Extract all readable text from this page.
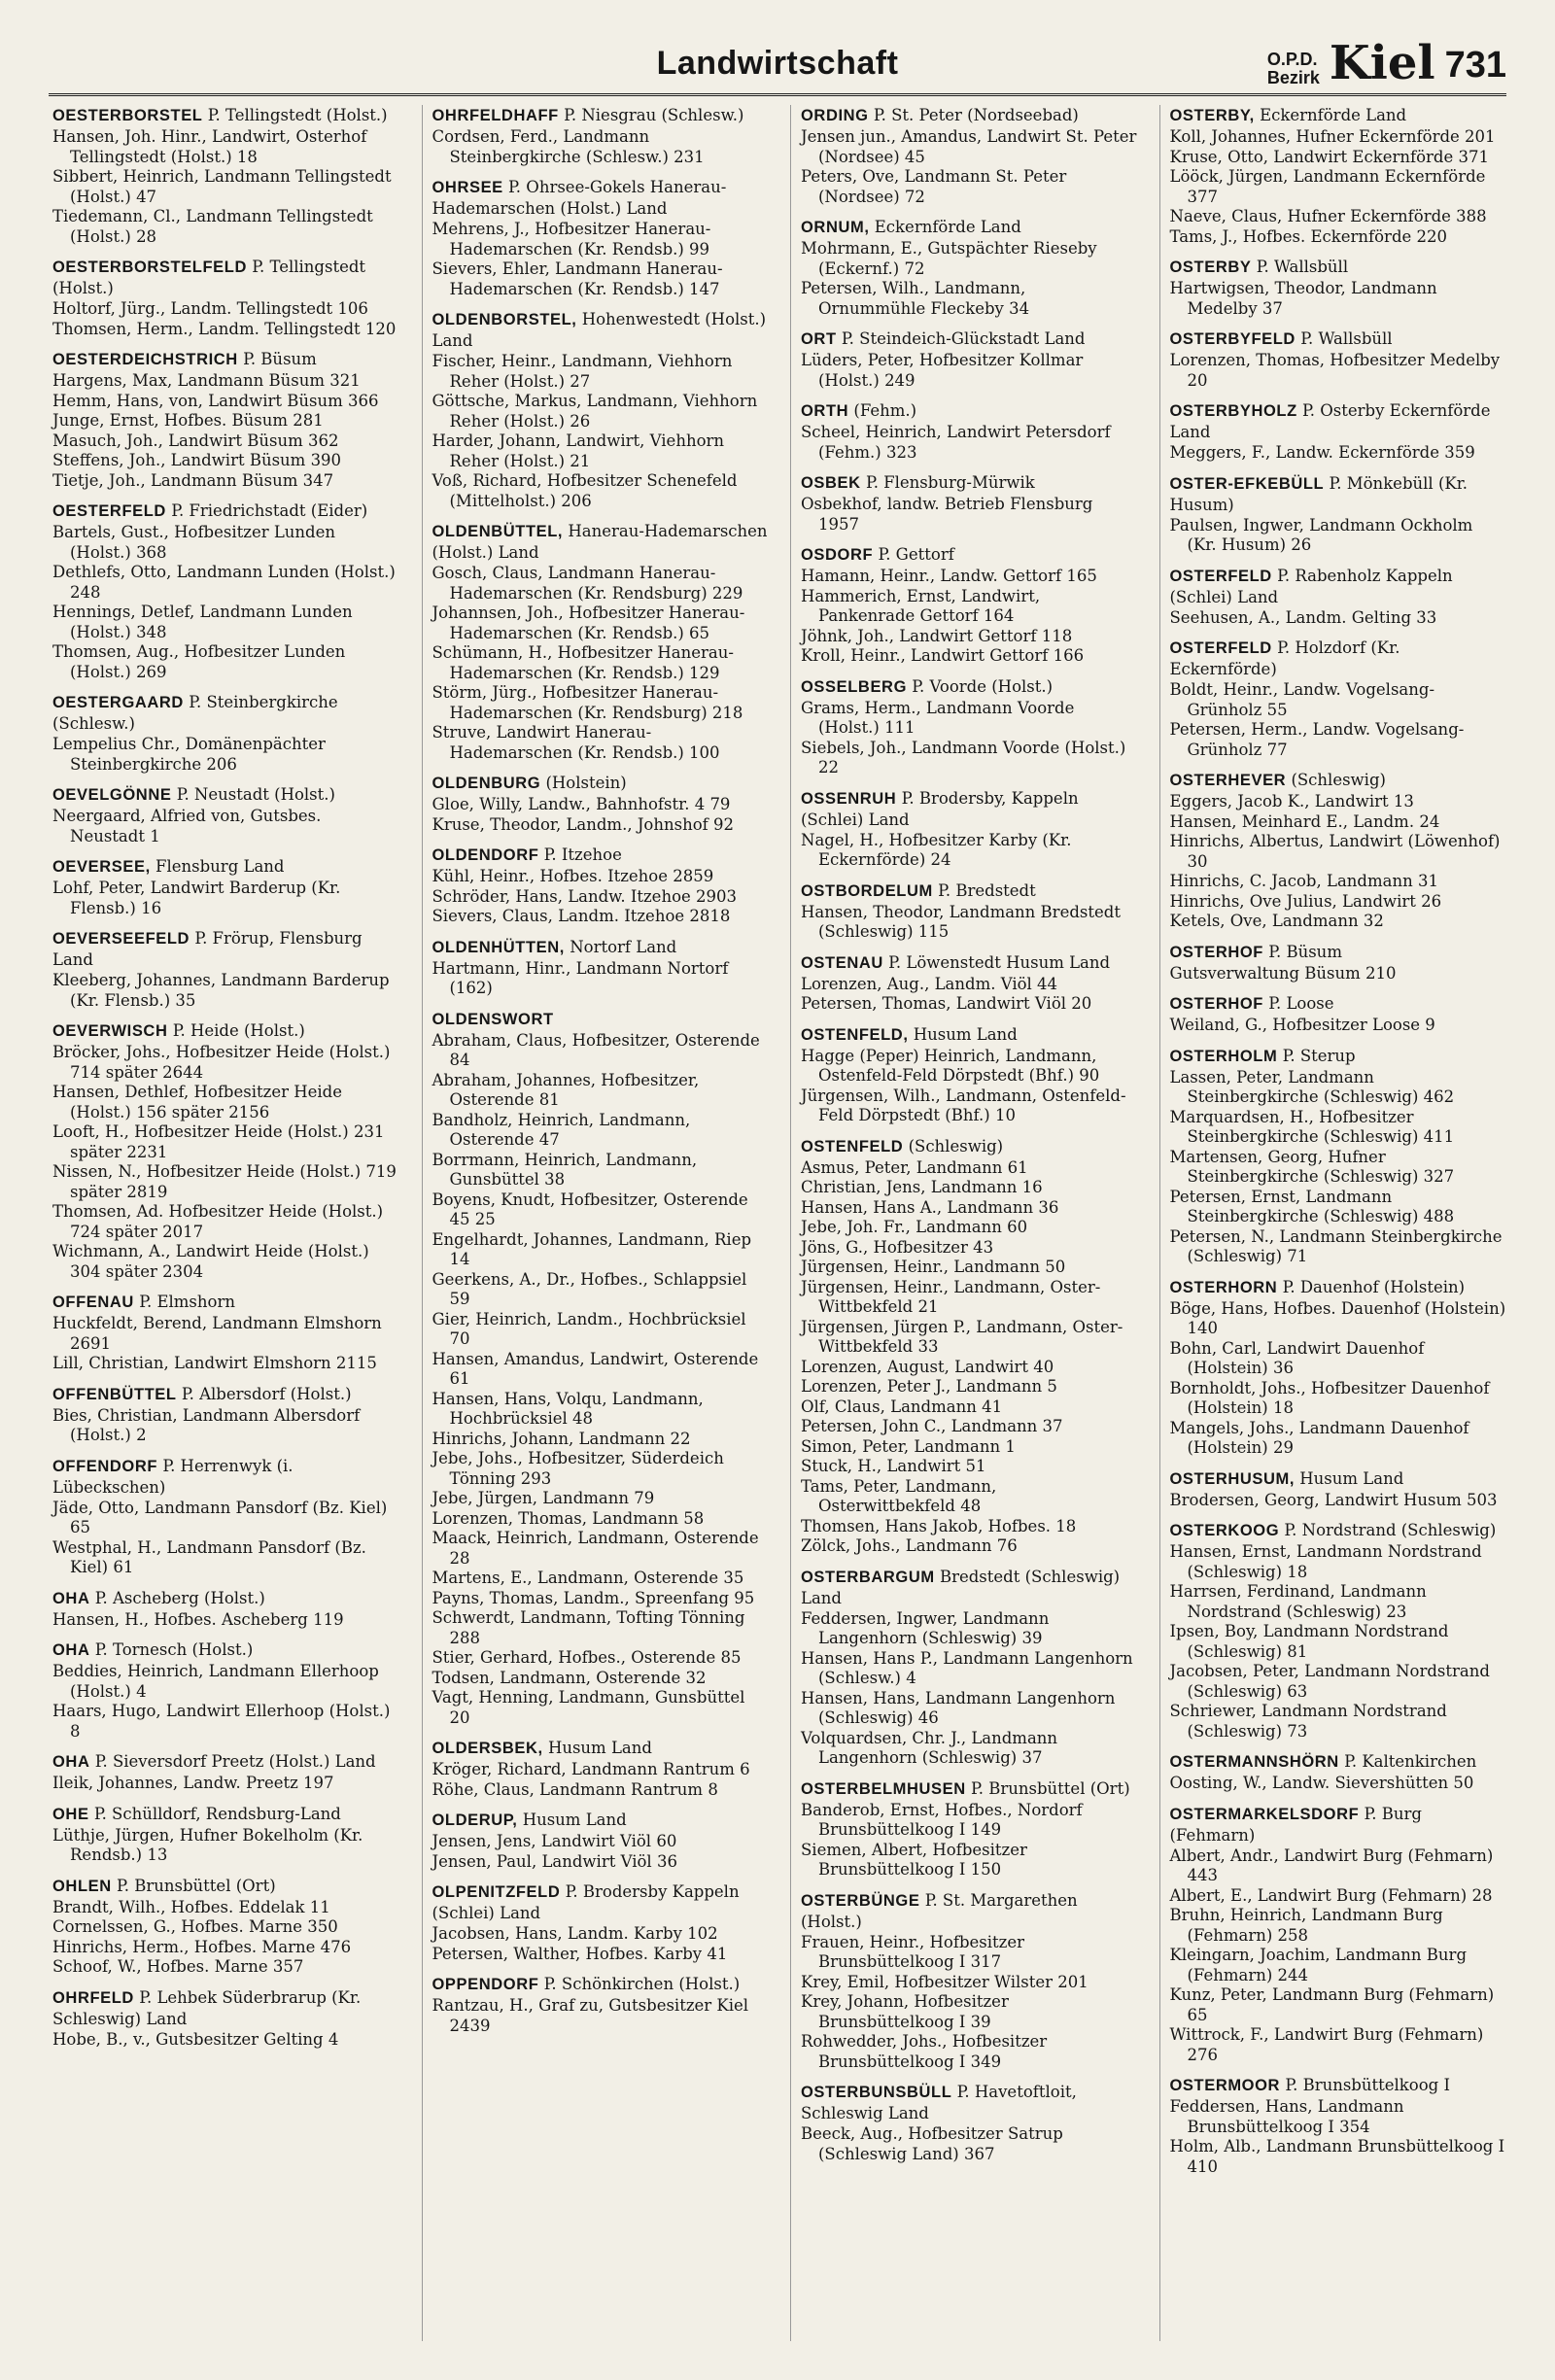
Landwirtschaft	O.P.D.
Bezirk Kiel 731
OESTERBORSTEL P. Tellingstedt (Holst.)
Hansen, Joh. Hinr., Landwirt, Osterhof Tellingstedt (Holst.) 18
Sibbert, Heinrich, Landmann Tellingstedt (Holst.) 47
Tiedemann, Cl., Landmann Tellingstedt (Holst.) 28
OESTERBORSTELFELD P. Tellingstedt (Holst.)
Holtorf, Jürg., Landm. Tellingstedt 106
Thomsen, Herm., Landm. Tellingstedt 120
OESTERDEICHSTRICH P. Büsum
Hargens, Max, Landmann Büsum 321
Hemm, Hans, von, Landwirt Büsum 366
Junge, Ernst, Hofbes. Büsum 281
Masuch, Joh., Landwirt Büsum 362
Steffens, Joh., Landwirt Büsum 390
Tietje, Joh., Landmann Büsum 347
OESTERFELD P. Friedrichstadt (Eider)
Bartels, Gust., Hofbesitzer Lunden (Holst.) 368
Dethlefs, Otto, Landmann Lunden (Holst.) 248
Hennings, Detlef, Landmann Lunden (Holst.) 348
Thomsen, Aug., Hofbesitzer Lunden (Holst.) 269
OESTERGAARD P. Steinbergkirche (Schlesw.)
Lempelius Chr., Domänenpächter Steinbergkirche 206
OEVELGÖNNE P. Neustadt (Holst.)
Neergaard, Alfried von, Gutsbes. Neustadt 1
OEVERSEE, Flensburg Land
Lohf, Peter, Landwirt Barderup (Kr. Flensb.) 16
OEVERSEEFELD P. Frörup, Flensburg Land
Kleeberg, Johannes, Landmann Barderup (Kr. Flensb.) 35
OEVERWISCH P. Heide (Holst.)
Bröcker, Johs., Hofbesitzer Heide (Holst.) 714 später 2644
Hansen, Dethlef, Hofbesitzer Heide (Holst.) 156 später 2156
Looft, H., Hofbesitzer Heide (Holst.) 231 später 2231
Nissen, N., Hofbesitzer Heide (Holst.) 719 später 2819
Thomsen, Ad. Hofbesitzer Heide (Holst.) 724 später 2017
Wichmann, A., Landwirt Heide (Holst.) 304 später 2304
OFFENAU P. Elmshorn
Huckfeldt, Berend, Landmann Elmshorn 2691
Lill, Christian, Landwirt Elmshorn 2115
OFFENBÜTTEL P. Albersdorf (Holst.)
Bies, Christian, Landmann Albersdorf (Holst.) 2
OFFENDORF P. Herrenwyk (i. Lübeckschen)
Jäde, Otto, Landmann Pansdorf (Bz. Kiel) 65
Westphal, H., Landmann Pansdorf (Bz. Kiel) 61
OHA P. Ascheberg (Holst.)
Hansen, H., Hofbes. Ascheberg 119
OHA P. Tornesch (Holst.)
Beddies, Heinrich, Landmann Ellerhoop (Holst.) 4
Haars, Hugo, Landwirt Ellerhoop (Holst.) 8
OHA P. Sieversdorf Preetz (Holst.) Land
Ileik, Johannes, Landw. Preetz 197
OHE P. Schülldorf, Rendsburg-Land
Lüthje, Jürgen, Hufner Bokelholm (Kr. Rendsb.) 13
OHLEN P. Brunsbüttel (Ort)
Brandt, Wilh., Hofbes. Eddelak 11
Cornelssen, G., Hofbes. Marne 350
Hinrichs, Herm., Hofbes. Marne 476
Schoof, W., Hofbes. Marne 357
OHRFELD P. Lehbek Süderbrarup (Kr. Schleswig) Land
Hobe, B., v., Gutsbesitzer Gelting 4
OHRFELDHAFF P. Niesgrau (Schlesw.)
Cordsen, Ferd., Landmann Steinbergkirche (Schlesw.) 231
OHRSEE P. Ohrsee-Gokels Hanerau-Hademarschen (Holst.) Land
Mehrens, J., Hofbesitzer Hanerau-Hademarschen (Kr. Rendsb.) 99
Sievers, Ehler, Landmann Hanerau-Hademarschen (Kr. Rendsb.) 147
OLDENBORSTEL, Hohenwestedt (Holst.) Land
Fischer, Heinr., Landmann, Viehhorn Reher (Holst.) 27
Göttsche, Markus, Landmann, Viehhorn Reher (Holst.) 26
Harder, Johann, Landwirt, Viehhorn Reher (Holst.) 21
Voß, Richard, Hofbesitzer Schenefeld (Mittelholst.) 206
OLDENBÜTTEL, Hanerau-Hademarschen (Holst.) Land
Gosch, Claus, Landmann Hanerau-Hademarschen (Kr. Rendsburg) 229
Johannsen, Joh., Hofbesitzer Hanerau-Hademarschen (Kr. Rendsb.) 65
Schümann, H., Hofbesitzer Hanerau-Hademarschen (Kr. Rendsb.) 129
Störm, Jürg., Hofbesitzer Hanerau-Hademarschen (Kr. Rendsburg) 218
Struve, Landwirt Hanerau-Hademarschen (Kr. Rendsb.) 100
OLDENBURG (Holstein)
Gloe, Willy, Landw., Bahnhofstr. 4 79
Kruse, Theodor, Landm., Johnshof 92
OLDENDORF P. Itzehoe
Kühl, Heinr., Hofbes. Itzehoe 2859
Schröder, Hans, Landw. Itzehoe 2903
Sievers, Claus, Landm. Itzehoe 2818
OLDENHÜTTEN, Nortorf Land
Hartmann, Hinr., Landmann Nortorf (162)
OLDENSWORT
Abraham, Claus, Hofbesitzer, Osterende 84
Abraham, Johannes, Hofbesitzer, Osterende 81
Bandholz, Heinrich, Landmann, Osterende 47
Borrmann, Heinrich, Landmann, Gunsbüttel 38
Boyens, Knudt, Hofbesitzer, Osterende 45 25
Engelhardt, Johannes, Landmann, Riep 14
Geerkens, A., Dr., Hofbes., Schlappsiel 59
Gier, Heinrich, Landm., Hochbrücksiel 70
Hansen, Amandus, Landwirt, Osterende 61
Hansen, Hans, Volqu, Landmann, Hochbrücksiel 48
Hinrichs, Johann, Landmann 22
Jebe, Johs., Hofbesitzer, Süderdeich Tönning 293
Jebe, Jürgen, Landmann 79
Lorenzen, Thomas, Landmann 58
Maack, Heinrich, Landmann, Osterende 28
Martens, E., Landmann, Osterende 35
Payns, Thomas, Landm., Spreenfang 95
Schwerdt, Landmann, Tofting Tönning 288
Stier, Gerhard, Hofbes., Osterende 85
Todsen, Landmann, Osterende 32
Vagt, Henning, Landmann, Gunsbüttel 20
OLDERSBEK, Husum Land
Kröger, Richard, Landmann Rantrum 6
Röhe, Claus, Landmann Rantrum 8
OLDERUP, Husum Land
Jensen, Jens, Landwirt Viöl 60
Jensen, Paul, Landwirt Viöl 36
OLPENITZFELD P. Brodersby Kappeln (Schlei) Land
Jacobsen, Hans, Landm. Karby 102
Petersen, Walther, Hofbes. Karby 41
OPPENDORF P. Schönkirchen (Holst.)
Rantzau, H., Graf zu, Gutsbesitzer Kiel 2439
ORDING P. St. Peter (Nordseebad)
Jensen jun., Amandus, Landwirt St. Peter (Nordsee) 45
Peters, Ove, Landmann St. Peter (Nordsee) 72
ORNUM, Eckernförde Land
Mohrmann, E., Gutspächter Rieseby (Eckernf.) 72
Petersen, Wilh., Landmann, Ornummühle Fleckeby 34
ORT P. Steindeich-Glückstadt Land
Lüders, Peter, Hofbesitzer Kollmar (Holst.) 249
ORTH (Fehm.)
Scheel, Heinrich, Landwirt Petersdorf (Fehm.) 323
OSBEK P. Flensburg-Mürwik
Osbekhof, landw. Betrieb Flensburg 1957
OSDORF P. Gettorf
Hamann, Heinr., Landw. Gettorf 165
Hammerich, Ernst, Landwirt, Pankenrade Gettorf 164
Jöhnk, Joh., Landwirt Gettorf 118
Kroll, Heinr., Landwirt Gettorf 166
OSSELBERG P. Voorde (Holst.)
Grams, Herm., Landmann Voorde (Holst.) 111
Siebels, Joh., Landmann Voorde (Holst.) 22
OSSENRUH P. Brodersby, Kappeln (Schlei) Land
Nagel, H., Hofbesitzer Karby (Kr. Eckernförde) 24
OSTBORDELUM P. Bredstedt
Hansen, Theodor, Landmann Bredstedt (Schleswig) 115
OSTENAU P. Löwenstedt Husum Land
Lorenzen, Aug., Landm. Viöl 44
Petersen, Thomas, Landwirt Viöl 20
OSTENFELD, Husum Land
Hagge (Peper) Heinrich, Landmann, Ostenfeld-Feld Dörpstedt (Bhf.) 90
Jürgensen, Wilh., Landmann, Ostenfeld-Feld Dörpstedt (Bhf.) 10
OSTENFELD (Schleswig)
Asmus, Peter, Landmann 61
Christian, Jens, Landmann 16
Hansen, Hans A., Landmann 36
Jebe, Joh. Fr., Landmann 60
Jöns, G., Hofbesitzer 43
Jürgensen, Heinr., Landmann 50
Jürgensen, Heinr., Landmann, Oster-Wittbekfeld 21
Jürgensen, Jürgen P., Landmann, Oster-Wittbekfeld 33
Lorenzen, August, Landwirt 40
Lorenzen, Peter J., Landmann 5
Olf, Claus, Landmann 41
Petersen, John C., Landmann 37
Simon, Peter, Landmann 1
Stuck, H., Landwirt 51
Tams, Peter, Landmann, Osterwittbekfeld 48
Thomsen, Hans Jakob, Hofbes. 18
Zölck, Johs., Landmann 76
OSTERBARGUM Bredstedt (Schleswig) Land
Feddersen, Ingwer, Landmann Langenhorn (Schleswig) 39
Hansen, Hans P., Landmann Langenhorn (Schlesw.) 4
Hansen, Hans, Landmann Langenhorn (Schleswig) 46
Volquardsen, Chr. J., Landmann Langenhorn (Schleswig) 37
OSTERBELMHUSEN P. Brunsbüttel (Ort)
Banderob, Ernst, Hofbes., Nordorf Brunsbüttelkoog I 149
Siemen, Albert, Hofbesitzer Brunsbüttelkoog I 150
OSTERBÜNGE P. St. Margarethen (Holst.)
Frauen, Heinr., Hofbesitzer Brunsbüttelkoog I 317
Krey, Emil, Hofbesitzer Wilster 201
Krey, Johann, Hofbesitzer Brunsbüttelkoog I 39
Rohwedder, Johs., Hofbesitzer Brunsbüttelkoog I 349
OSTERBUNSBÜLL P. Havetoftloit, Schleswig Land
Beeck, Aug., Hofbesitzer Satrup (Schleswig Land) 367
OSTERBY, Eckernförde Land
Koll, Johannes, Hufner Eckernförde 201
Kruse, Otto, Landwirt Eckernförde 371
Lööck, Jürgen, Landmann Eckernförde 377
Naeve, Claus, Hufner Eckernförde 388
Tams, J., Hofbes. Eckernförde 220
OSTERBY P. Wallsbüll
Hartwigsen, Theodor, Landmann Medelby 37
OSTERBYFELD P. Wallsbüll
Lorenzen, Thomas, Hofbesitzer Medelby 20
OSTERBYHOLZ P. Osterby Eckernförde Land
Meggers, F., Landw. Eckernförde 359
OSTER-EFKEBÜLL P. Mönkebüll (Kr. Husum)
Paulsen, Ingwer, Landmann Ockholm (Kr. Husum) 26
OSTERFELD P. Rabenholz Kappeln (Schlei) Land
Seehusen, A., Landm. Gelting 33
OSTERFELD P. Holzdorf (Kr. Eckernförde)
Boldt, Heinr., Landw. Vogelsang-Grünholz 55
Petersen, Herm., Landw. Vogelsang-Grünholz 77
OSTERHEVER (Schleswig)
Eggers, Jacob K., Landwirt 13
Hansen, Meinhard E., Landm. 24
Hinrichs, Albertus, Landwirt (Löwenhof) 30
Hinrichs, C. Jacob, Landmann 31
Hinrichs, Ove Julius, Landwirt 26
Ketels, Ove, Landmann 32
OSTERHOF P. Büsum
Gutsverwaltung Büsum 210
OSTERHOF P. Loose
Weiland, G., Hofbesitzer Loose 9
OSTERHOLM P. Sterup
Lassen, Peter, Landmann Steinbergkirche (Schleswig) 462
Marquardsen, H., Hofbesitzer Steinbergkirche (Schleswig) 411
Martensen, Georg, Hufner Steinbergkirche (Schleswig) 327
Petersen, Ernst, Landmann Steinbergkirche (Schleswig) 488
Petersen, N., Landmann Steinbergkirche (Schleswig) 71
OSTERHORN P. Dauenhof (Holstein)
Böge, Hans, Hofbes. Dauenhof (Holstein) 140
Bohn, Carl, Landwirt Dauenhof (Holstein) 36
Bornholdt, Johs., Hofbesitzer Dauenhof (Holstein) 18
Mangels, Johs., Landmann Dauenhof (Holstein) 29
OSTERHUSUM, Husum Land
Brodersen, Georg, Landwirt Husum 503
OSTERKOOG P. Nordstrand (Schleswig)
Hansen, Ernst, Landmann Nordstrand (Schleswig) 18
Harrsen, Ferdinand, Landmann Nordstrand (Schleswig) 23
Ipsen, Boy, Landmann Nordstrand (Schleswig) 81
Jacobsen, Peter, Landmann Nordstrand (Schleswig) 63
Schriewer, Landmann Nordstrand (Schleswig) 73
OSTERMANNSHÖRN P. Kaltenkirchen
Oosting, W., Landw. Sievershütten 50
OSTERMARKELSDORF P. Burg (Fehmarn)
Albert, Andr., Landwirt Burg (Fehmarn) 443
Albert, E., Landwirt Burg (Fehmarn) 28
Bruhn, Heinrich, Landmann Burg (Fehmarn) 258
Kleingarn, Joachim, Landmann Burg (Fehmarn) 244
Kunz, Peter, Landmann Burg (Fehmarn) 65
Wittrock, F., Landwirt Burg (Fehmarn) 276
OSTERMOOR P. Brunsbüttelkoog I
Feddersen, Hans, Landmann Brunsbüttelkoog I 354
Holm, Alb., Landmann Brunsbüttelkoog I 410
